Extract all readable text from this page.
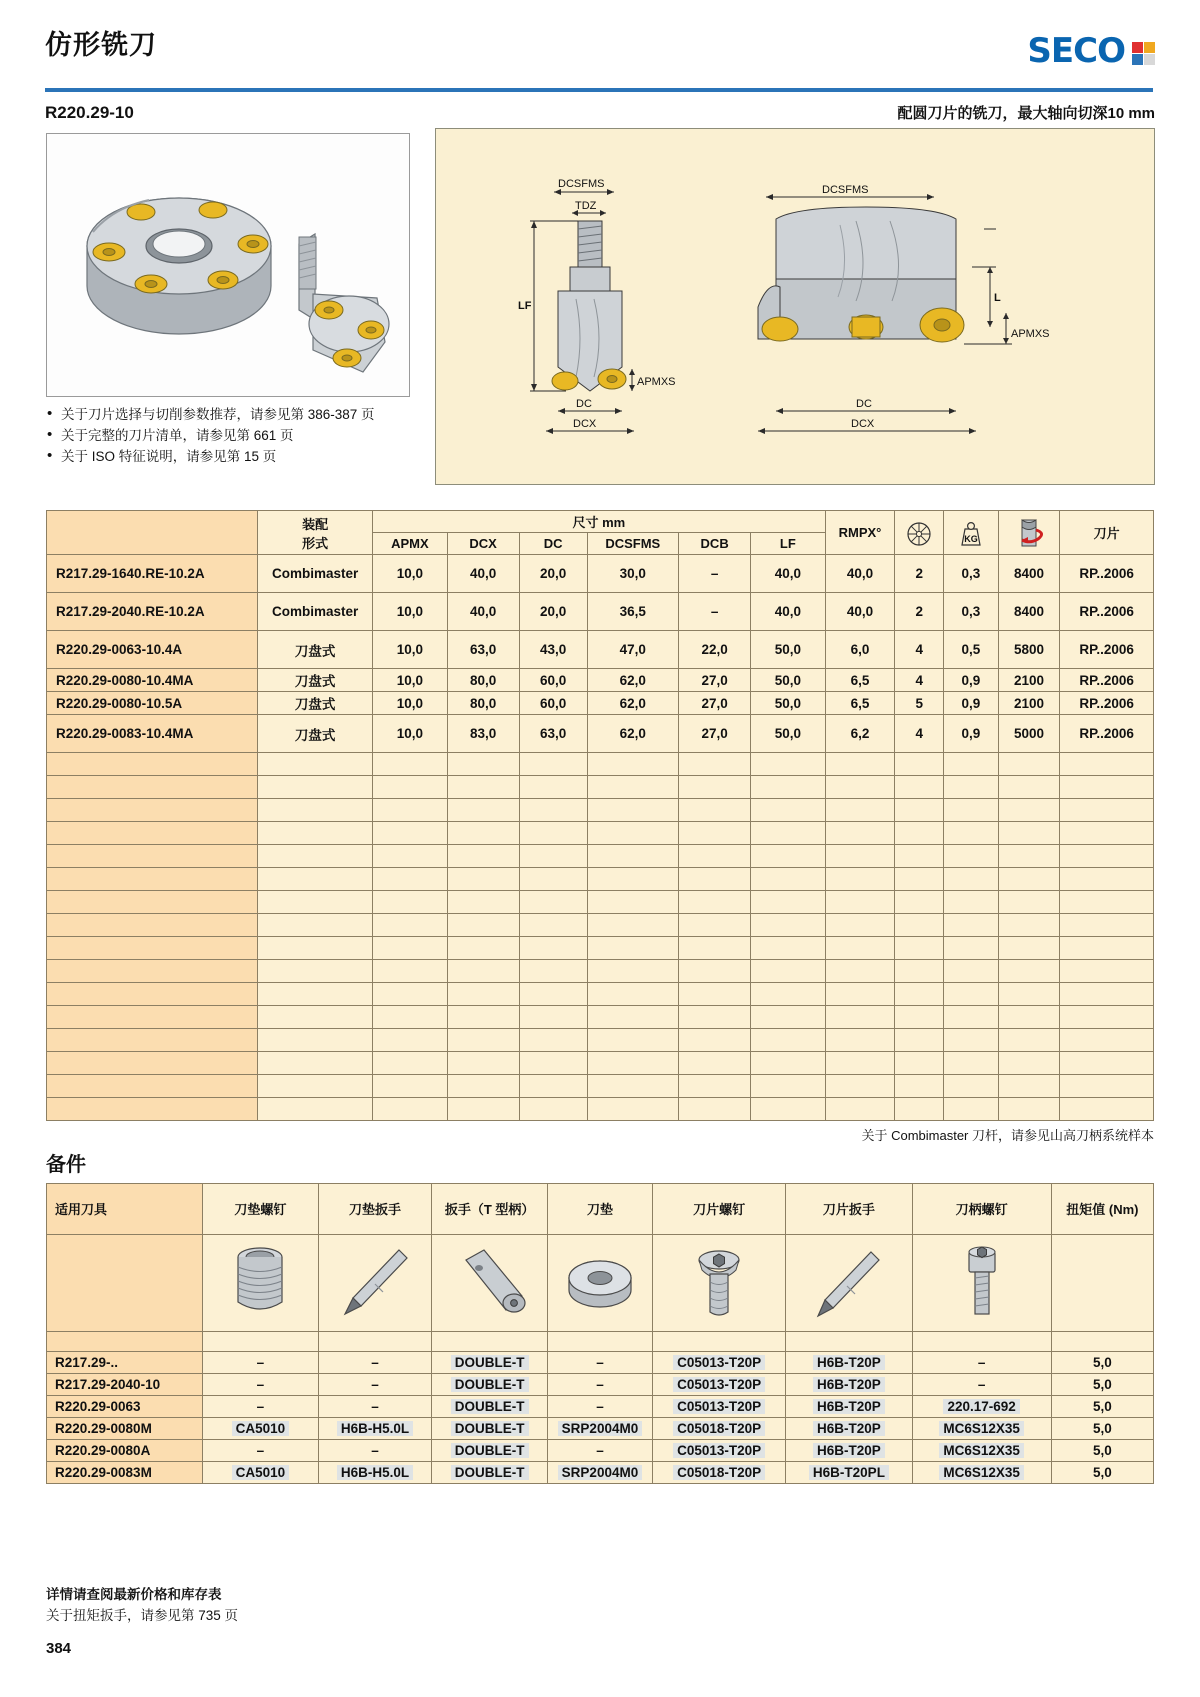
仿形铣刀	SECO
R220.29-10	配圆刀片的铣刀，最大轴向切深10 mm
DCSFMS
TDZ
LF
APMXS
DC
DCX
DCSFMS
L
APMXS
DC
DCX
• 关于刀片选择与切削参数推荐，请参见第 386-387 页
• 关于完整的刀片清单，请参见第 661 页
• 关于 ISO 特征说明，请参见第 15 页

	装配
形式	尺寸 mm						RMPX°		KG		刀片
		APMX	DCX	DC	DCSFMS	DCB	LF					
R217.29-1640.RE-10.2A	Combimaster	10,0	40,0	20,0	30,0	–	40,0	40,0	2	0,3	8400	RP..2006
R217.29-2040.RE-10.2A	Combimaster	10,0	40,0	20,0	36,5	–	40,0	40,0	2	0,3	8400	RP..2006
R220.29-0063-10.4A	刀盘式	10,0	63,0	43,0	47,0	22,0	50,0	6,0	4	0,5	5800	RP..2006
R220.29-0080-10.4MA	刀盘式	10,0	80,0	60,0	62,0	27,0	50,0	6,5	4	0,9	2100	RP..2006
R220.29-0080-10.5A	刀盘式	10,0	80,0	60,0	62,0	27,0	50,0	6,5	5	0,9	2100	RP..2006
R220.29-0083-10.4MA	刀盘式	10,0	83,0	63,0	62,0	27,0	50,0	6,2	4	0,9	5000	RP..2006

关于 Combimaster 刀杆，请参见山高刀柄系统样本
备件
适用刀具	刀垫螺钉	刀垫扳手	扳手（T 型柄）	刀垫	刀片螺钉	刀片扳手	刀柄螺钉	扭矩值 (Nm)

R217.29-..	–	–	DOUBLE-T	–	C05013-T20P	H6B-T20P	–	5,0
R217.29-2040-10	–	–	DOUBLE-T	–	C05013-T20P	H6B-T20P	–	5,0
R220.29-0063	–	–	DOUBLE-T	–	C05013-T20P	H6B-T20P	220.17-692	5,0
R220.29-0080M	CA5010	H6B-H5.0L	DOUBLE-T	SRP2004M0	C05018-T20P	H6B-T20P	MC6S12X35	5,0
R220.29-0080A	–	–	DOUBLE-T	–	C05013-T20P	H6B-T20P	MC6S12X35	5,0
R220.29-0083M	CA5010	H6B-H5.0L	DOUBLE-T	SRP2004M0	C05018-T20P	H6B-T20PL	MC6S12X35	5,0
详情请查阅最新价格和库存表
关于扭矩扳手，请参见第 735 页
384
